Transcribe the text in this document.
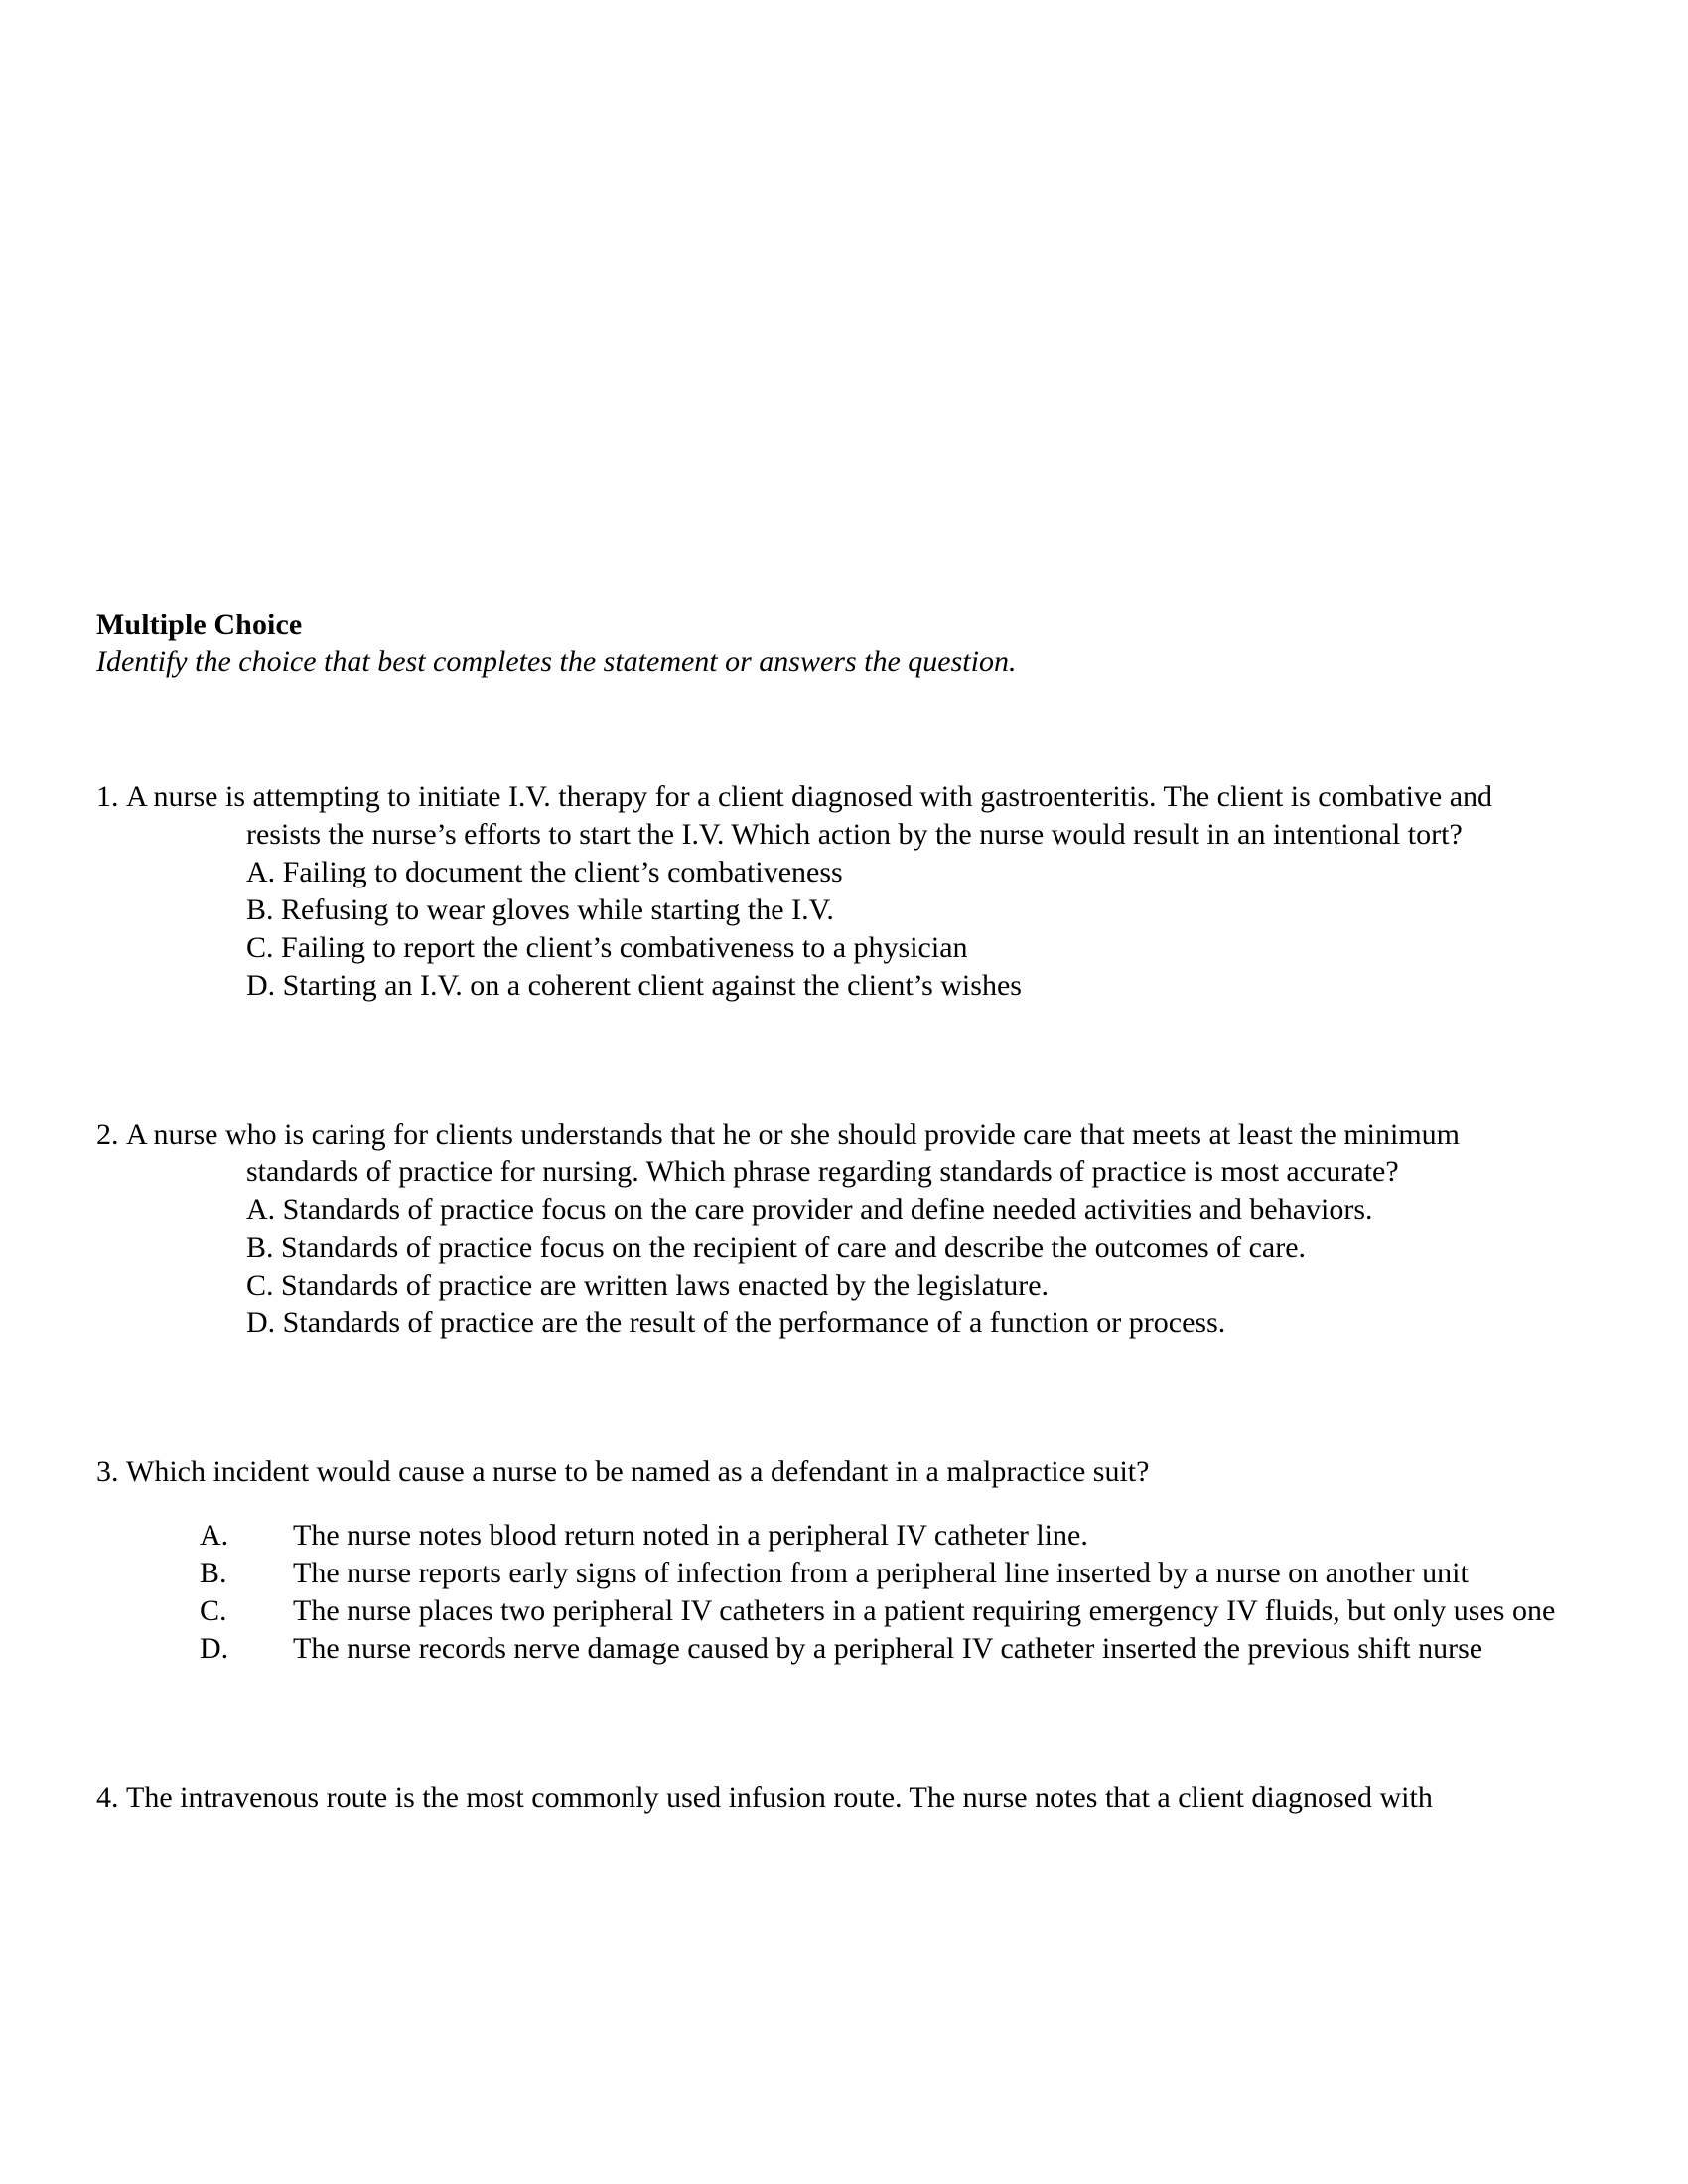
Multiple Choice
Identify the choice that best completes the statement or answers the question.

1. A nurse is attempting to initiate I.V. therapy for a client diagnosed with gastroenteritis. The client is combative and resists the nurse’s efforts to start the I.V. Which action by the nurse would result in an intentional tort?

A. Failing to document the client’s combativeness
B. Refusing to wear gloves while starting the I.V.
C. Failing to report the client’s combativeness to a physician
D. Starting an I.V. on a coherent client against the client’s wishes

2. A nurse who is caring for clients understands that he or she should provide care that meets at least the minimum standards of practice for nursing. Which phrase regarding standards of practice is most accurate?

A. Standards of practice focus on the care provider and define needed activities and behaviors.
B. Standards of practice focus on the recipient of care and describe the outcomes of care.
C. Standards of practice are written laws enacted by the legislature.
D. Standards of practice are the result of the performance of a function or process.

3. Which incident would cause a nurse to be named as a defendant in a malpractice suit?

A. The nurse notes blood return noted in a peripheral IV catheter line.
B. The nurse reports early signs of infection from a peripheral line inserted by a nurse on another unit
C. The nurse places two peripheral IV catheters in a patient requiring emergency IV fluids, but only uses one
D. The nurse records nerve damage caused by a peripheral IV catheter inserted the previous shift nurse

4. The intravenous route is the most commonly used infusion route. The nurse notes that a client diagnosed with
